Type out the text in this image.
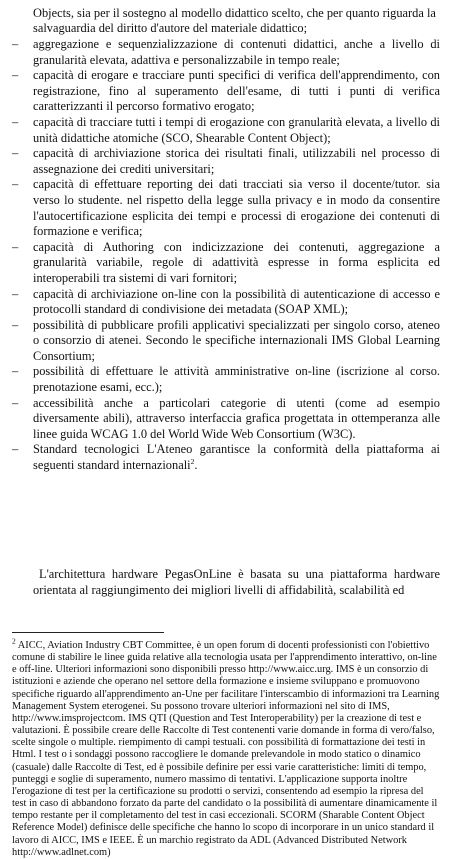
Objects, sia per il sostegno al modello didattico scelto, che per quanto riguarda la salvaguardia del diritto d'autore del materiale didattico;

–	aggregazione e sequenzializzazione di contenuti didattici, anche a livello di granularità elevata, adattiva e personalizzabile in tempo reale;
–	capacità di erogare e tracciare punti specifici di verifica dell'apprendimento, con registrazione, fino al superamento dell'esame, di tutti i punti di verifica caratterizzanti il percorso formativo erogato;
–	capacità di tracciare tutti i tempi di erogazione con granularità elevata, a livello di unità didattiche atomiche (SCO, Shearable Content Object);
–	capacità di archiviazione storica dei risultati finali, utilizzabili nel processo di assegnazione dei crediti universitari;
–	capacità di effettuare reporting dei dati tracciati sia verso il docente/tutor. sia verso lo studente. nel rispetto della legge sulla privacy e in modo da consentire l'autocertificazione esplicita dei tempi e processi di erogazione dei contenuti di formazione e verifica;
–	capacità di Authoring con indicizzazione dei contenuti, aggregazione a granularità variabile, regole di adattività espresse in forma esplicita ed interoperabili tra sistemi di vari fornitori;
–	capacità di archiviazione on-line con la possibilità di autenticazione di accesso e protocolli standard di condivisione dei metadata (SOAP XML);
–	possibilità di pubblicare profili applicativi specializzati per singolo corso, ateneo o consorzio di atenei. Secondo le specifiche internazionali IMS Global Learning Consortium;
–	possibilità di effettuare le attività amministrative on-line (iscrizione al corso. prenotazione esami, ecc.);
–	accessibilità anche a particolari categorie di utenti (come ad esempio diversamente abili), attraverso interfaccia grafica progettata in ottemperanza alle linee guida WCAG 1.0 del World Wide Web Consortium (W3C).
–	Standard tecnologici L'Ateneo garantisce la conformità della piattaforma ai seguenti standard internazionali$^2$.

L'architettura hardware PegasOnLine è basata su una piattaforma hardware orientata al raggiungimento dei migliori livelli di affidabilità, scalabilità ed

$^2$ AICC, Aviation Industry CBT Committee, è un open forum di docenti professionisti con l'obiettivo comune di stabilire le linee guida relative alla tecnologia usata per l'apprendimento interattivo, on-line e off-line. Ulteriori informazioni sono disponibili presso http://www.aicc.urg. IMS è un consorzio di istituzioni e aziende che operano nel settore della formazione e insieme sviluppano e promuovono specifiche riguardo all'apprendimento an-Une per facilitare l'interscambio di informazioni tra Learning Management System eterogenei. Su possono trovare ulteriori informazioni nel sito di IMS, http://www.imsprojectcom. IMS QTI (Question and Test Interoperability) per la creazione di test e valutazioni. È possibile creare delle Raccolte di Test contenenti varie domande in forma di vero/falso, scelte singole o multiple. riempimento di campi testuali. con possibilità di formattazione dei testi in Html. I test o i sondaggi possono raccogliere le domande prelevandole in modo statico o dinamico (casuale) dalle Raccolte di Test, ed è possibile definire per essi varie caratteristiche: limiti di tempo, punteggi e soglie di superamento, numero massimo di tentativi. L'applicazione supporta inoltre l'erogazione di test per la certificazione su prodotti o servizi, consentendo ad esempio la ripresa del test in caso di abbandono forzato da parte del candidato o la possibilità di aumentare dinamicamente il tempo restante per il completamento del test in casi eccezionali. SCORM (Sharable Content Object Reference Model) definisce delle specifiche che hanno lo scopo di incorporare in un unico standard il lavoro di AICC, IMS e IEEE. È un marchio registrato da ADL (Advanced Distributed Network http://www.adlnet.com)
